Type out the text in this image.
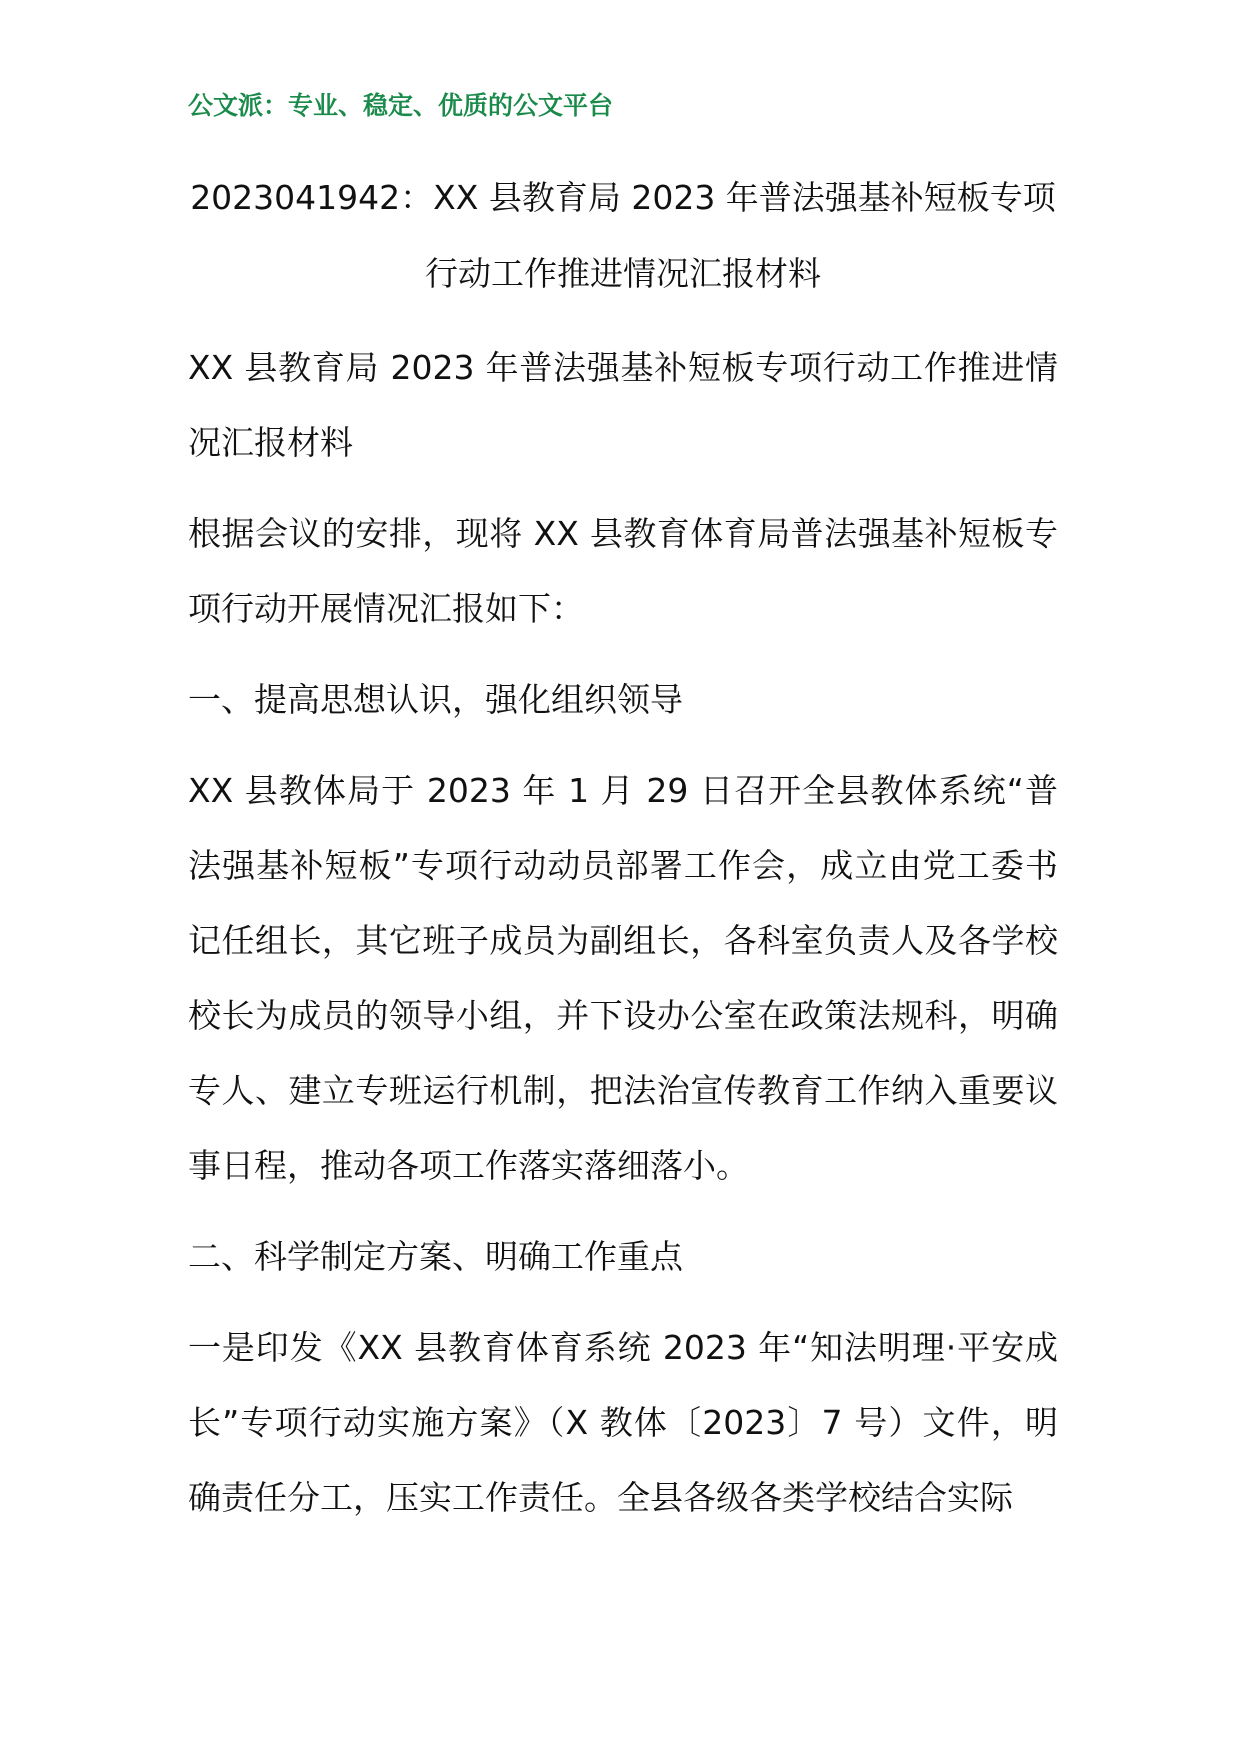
公文派：专业、稳定、优质的公文平台
2023041942：XX 县教育局 2023 年普法强基补短板专项
行动工作推进情况汇报材料

XX 县教育局 2023 年普法强基补短板专项行动工作推进情况汇报材料

根据会议的安排，现将 XX 县教育体育局普法强基补短板专项行动开展情况汇报如下：

一、提高思想认识，强化组织领导

XX 县教体局于 2023 年 1 月 29 日召开全县教体系统“普法强基补短板”专项行动动员部署工作会，成立由党工委书记任组长，其它班子成员为副组长，各科室负责人及各学校校长为成员的领导小组，并下设办公室在政策法规科，明确专人、建立专班运行机制，把法治宣传教育工作纳入重要议事日程，推动各项工作落实落细落小。

二、科学制定方案、明确工作重点

一是印发《XX 县教育体育系统 2023 年“知法明理·平安成长”专项行动实施方案》（X 教体〔2023〕7 号）文件，明确责任分工，压实工作责任。全县各级各类学校结合实际
